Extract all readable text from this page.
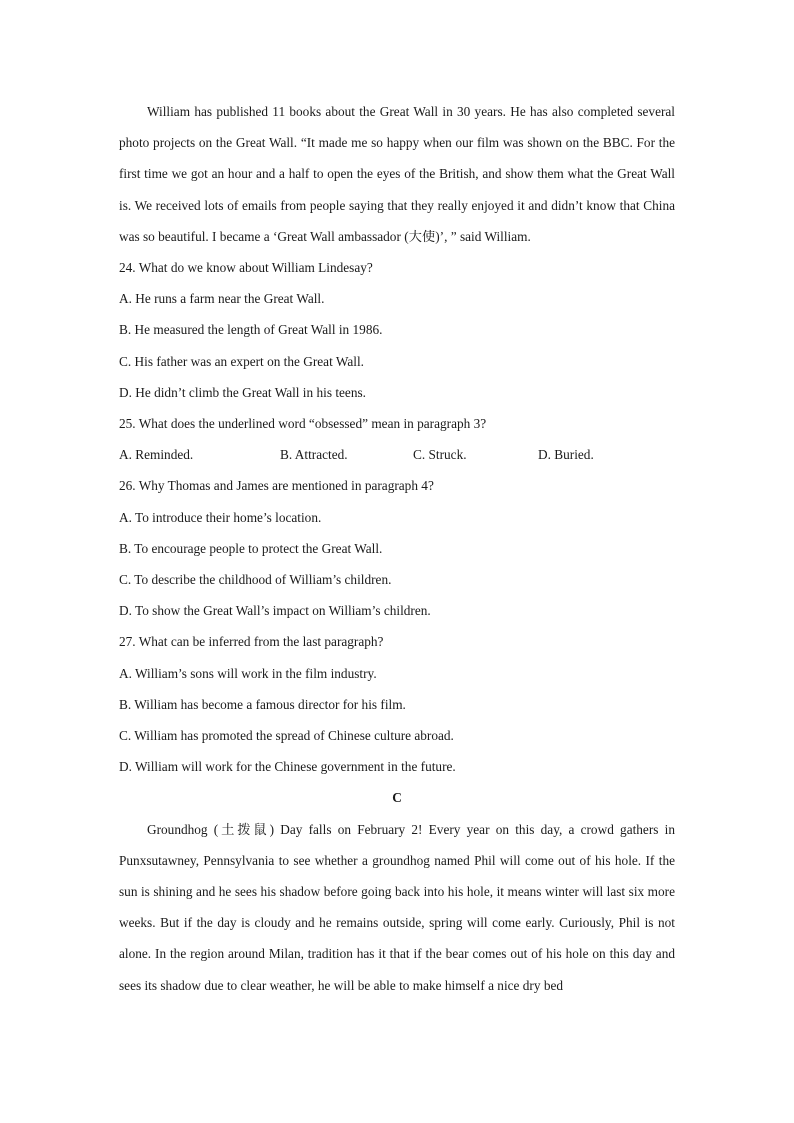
William has published 11 books about the Great Wall in 30 years. He has also completed several photo projects on the Great Wall. “It made me so happy when our film was shown on the BBC. For the first time we got an hour and a half to open the eyes of the British, and show them what the Great Wall is. We received lots of emails from people saying that they really enjoyed it and didn’t know that China was so beautiful. I became a ‘Great Wall ambassador (大使)’, ” said William.

24. What do we know about William Lindesay?

A. He runs a farm near the Great Wall.

B. He measured the length of Great Wall in 1986.

C. His father was an expert on the Great Wall.

D. He didn’t climb the Great Wall in his teens.

25. What does the underlined word “obsessed” mean in paragraph 3?

A. Reminded.	B. Attracted.	C. Struck.	D. Buried.

26. Why Thomas and James are mentioned in paragraph 4?

A. To introduce their home’s location.

B. To encourage people to protect the Great Wall.

C. To describe the childhood of William’s children.

D. To show the Great Wall’s impact on William’s children.

27. What can be inferred from the last paragraph?

A. William’s sons will work in the film industry.

B. William has become a famous director for his film.

C. William has promoted the spread of Chinese culture abroad.

D. William will work for the Chinese government in the future.

C

Groundhog (土拨鼠) Day falls on February 2! Every year on this day, a crowd gathers in Punxsutawney, Pennsylvania to see whether a groundhog named Phil will come out of his hole. If the sun is shining and he sees his shadow before going back into his hole, it means winter will last six more weeks. But if the day is cloudy and he remains outside, spring will come early. Curiously, Phil is not alone. In the region around Milan, tradition has it that if the bear comes out of his hole on this day and sees its shadow due to clear weather, he will be able to make himself a nice dry bed
